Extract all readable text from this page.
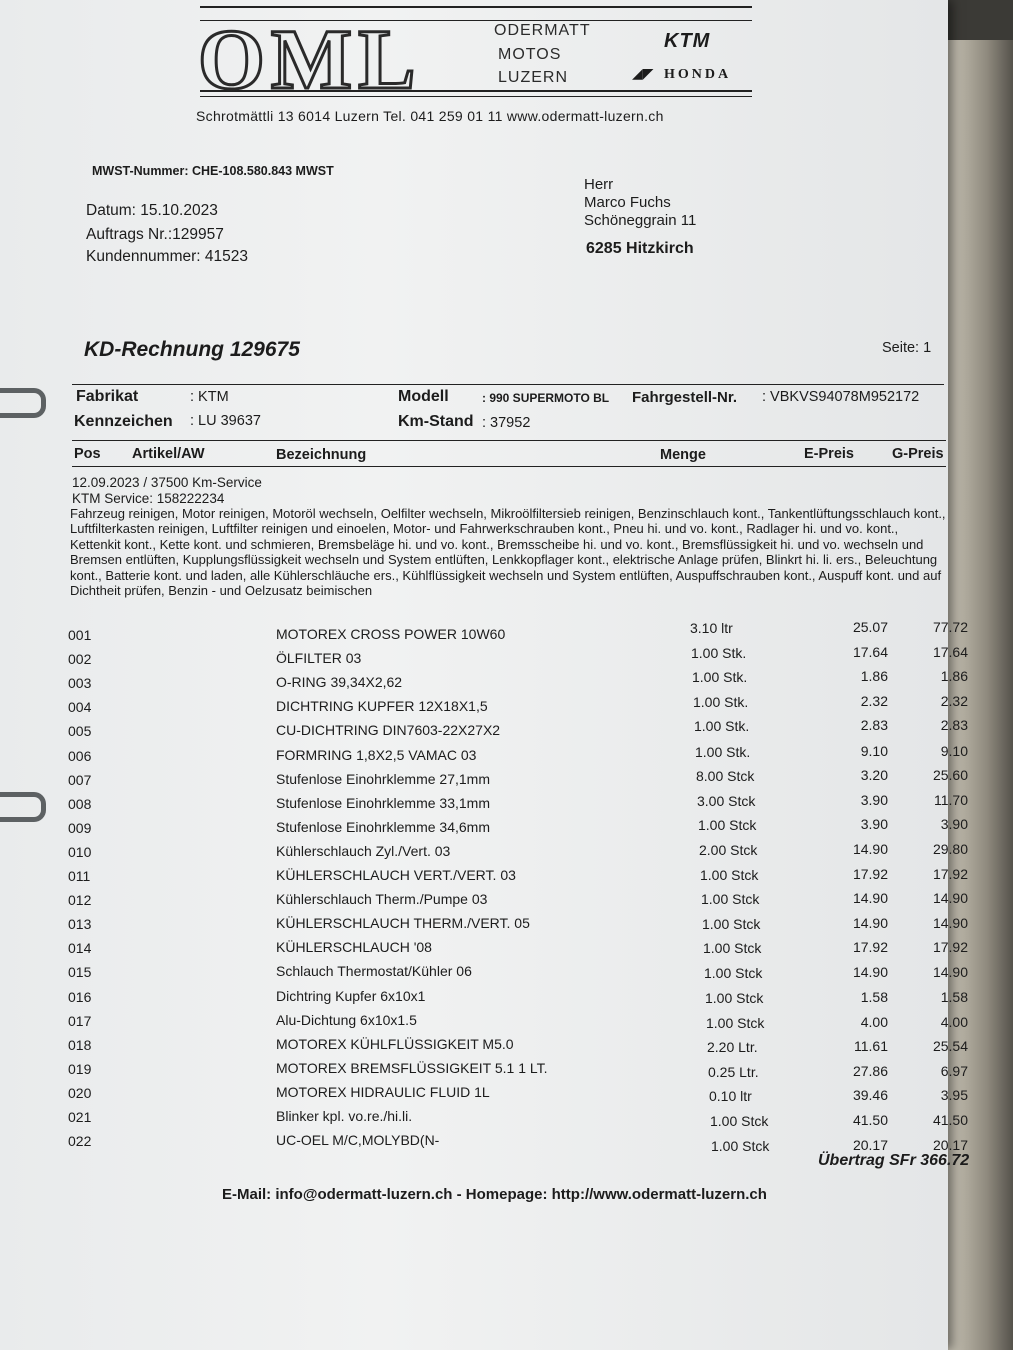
OML	ODERMATT
MOTOS
LUZERN
KTM
◢◤ HONDA
Schrotmättli 13 6014 Luzern Tel. 041 259 01 11 www.odermatt-luzern.ch
MWST-Nummer: CHE-108.580.843 MWST
Datum: 15.10.2023
Auftrags Nr.:129957
Kundennummer: 41523
Herr
Marco Fuchs
Schöneggrain 11
6285 Hitzkirch
KD-Rechnung 129675	Seite: 1
Fabrikat	: KTM	Modell	: 990 SUPERMOTO BL Fahrgestell-Nr. : VBKVS94078M952172
Kennzeichen : LU 39637	Km-Stand : 37952
Pos Artikel/AW	Bezeichnung	Menge	E-Preis	G-Preis
12.09.2023 / 37500 Km-Service
KTM Service: 158222234
Fahrzeug reinigen, Motor reinigen, Motoröl wechseln, Oelfilter wechseln, Mikroölfiltersieb reinigen, Benzinschlauch kont., Tankentlüftungsschlauch kont., Luftfilterkasten reinigen, Luftfilter reinigen und einoelen, Motor- und Fahrwerkschrauben kont., Pneu hi. und vo. kont., Radlager hi. und vo. kont., Kettenkit kont., Kette kont. und schmieren, Bremsbeläge hi. und vo. kont., Bremsscheibe hi. und vo. kont., Bremsflüssigkeit hi. und vo. wechseln und Bremsen entlüften, Kupplungsflüssigkeit wechseln und System entlüften, Lenkkopflager kont., elektrische Anlage prüfen, Blinkrt hi. li. ers., Beleuchtung kont., Batterie kont. und laden, alle Kühlerschläuche ers., Kühlflüssigkeit wechseln und System entlüften, Auspuffschrauben kont., Auspuff kont. und auf Dichtheit prüfen, Benzin - und Oelzusatz beimischen
001	MOTOREX CROSS POWER 10W60	3.10 ltr	25.07	77.72
002	ÖLFILTER 03	1.00 Stk.	17.64	17.64
003	O-RING 39,34X2,62	1.00 Stk.	1.86	1.86
004	DICHTRING KUPFER 12X18X1,5	1.00 Stk.	2.32	2.32
005	CU-DICHTRING DIN7603-22X27X2	1.00 Stk.	2.83	2.83
006	FORMRING 1,8X2,5 VAMAC 03	1.00 Stk.	9.10	9.10
007	Stufenlose Einohrklemme 27,1mm	8.00 Stck	3.20	25.60
008	Stufenlose Einohrklemme 33,1mm	3.00 Stck	3.90	11.70
009	Stufenlose Einohrklemme 34,6mm	1.00 Stck	3.90	3.90
010	Kühlerschlauch Zyl./Vert. 03	2.00 Stck	14.90	29.80
011	KÜHLERSCHLAUCH VERT./VERT. 03	1.00 Stck	17.92	17.92
012	Kühlerschlauch Therm./Pumpe 03	1.00 Stck	14.90	14.90
013	KÜHLERSCHLAUCH THERM./VERT. 05	1.00 Stck	14.90	14.90
014	KÜHLERSCHLAUCH '08	1.00 Stck	17.92	17.92
015	Schlauch Thermostat/Kühler 06	1.00 Stck	14.90	14.90
016	Dichtring Kupfer 6x10x1	1.00 Stck	1.58	1.58
017	Alu-Dichtung 6x10x1.5	1.00 Stck	4.00	4.00
018	MOTOREX KÜHLFLÜSSIGKEIT M5.0	2.20 Ltr.	11.61	25.54
019	MOTOREX BREMSFLÜSSIGKEIT 5.1 1 LT.	0.25 Ltr.	27.86	6.97
020	MOTOREX HIDRAULIC FLUID 1L	0.10 ltr	39.46	3.95
021	Blinker kpl. vo.re./hi.li.	1.00 Stck	41.50	41.50
022	UC-OEL M/C,MOLYBD(N-	1.00 Stck	20.17	20.17
Übertrag SFr 366.72
E-Mail: info@odermatt-luzern.ch - Homepage: http://www.odermatt-luzern.ch
